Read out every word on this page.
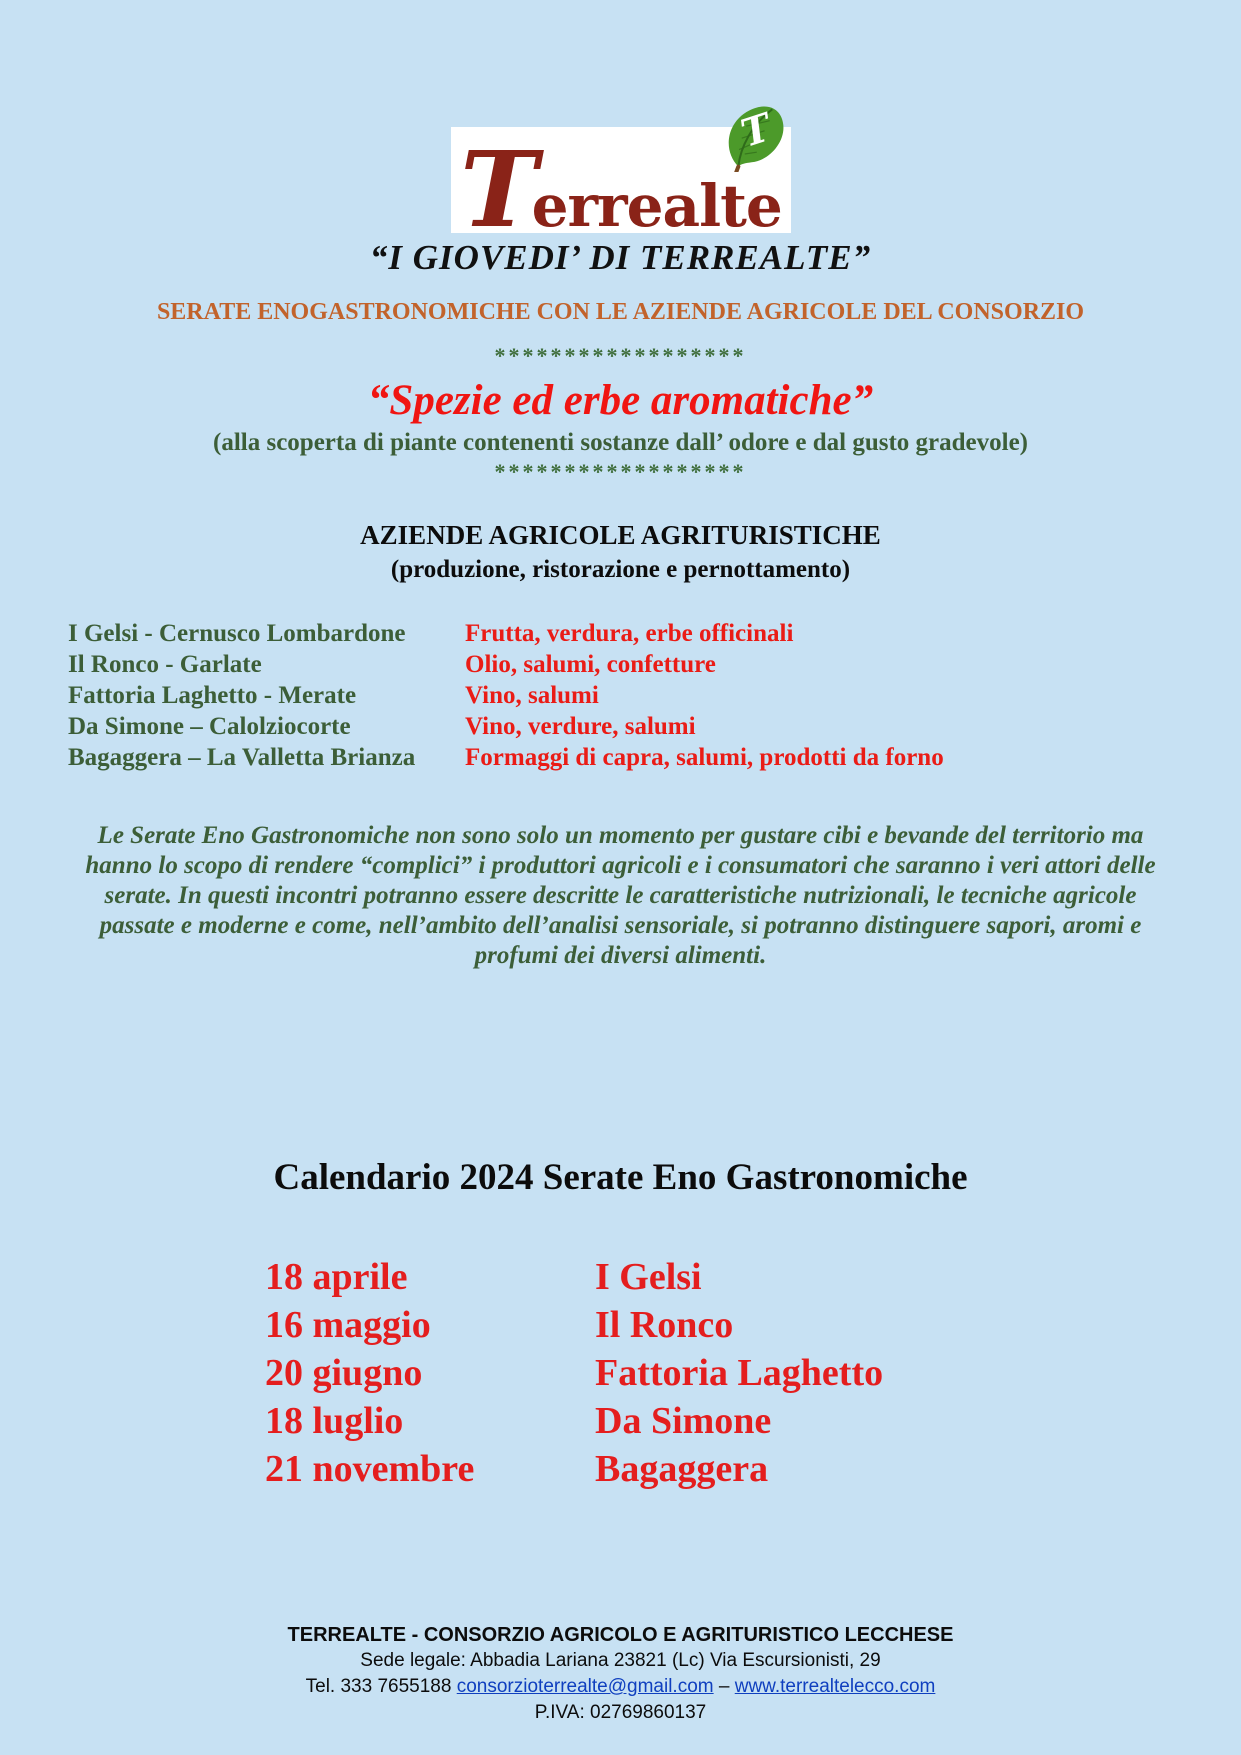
Terrealte
T
“I GIOVEDI’ DI TERREALTE”
SERATE ENOGASTRONOMICHE CON LE AZIENDE AGRICOLE DEL CONSORZIO
******************
“Spezie ed erbe aromatiche”
(alla scoperta di piante contenenti sostanze dall’ odore e dal gusto gradevole)
******************
AZIENDE AGRICOLE AGRITURISTICHE
(produzione, ristorazione e pernottamento)
I Gelsi - Cernusco Lombardone	Frutta, verdura, erbe officinali
Il Ronco - Garlate	Olio, salumi, confetture
Fattoria Laghetto - Merate	Vino, salumi
Da Simone – Calolziocorte	Vino, verdure, salumi
Bagaggera – La Valletta Brianza	Formaggi di capra, salumi, prodotti da forno
Le Serate Eno Gastronomiche non sono solo un momento per gustare cibi e bevande del territorio ma hanno lo scopo di rendere “complici” i produttori agricoli e i consumatori che saranno i veri attori delle serate. In questi incontri potranno essere descritte le caratteristiche nutrizionali, le tecniche agricole passate e moderne e come, nell’ambito dell’analisi sensoriale, si potranno distinguere sapori, aromi e profumi dei diversi alimenti.
Calendario 2024 Serate Eno Gastronomiche
18 aprile	I Gelsi
16 maggio	Il Ronco
20 giugno	Fattoria Laghetto
18 luglio	Da Simone
21 novembre	Bagaggera
TERREALTE - CONSORZIO AGRICOLO E AGRITURISTICO LECCHESE
Sede legale: Abbadia Lariana 23821 (Lc) Via Escursionisti, 29
Tel. 333 7655188 consorzioterrealte@gmail.com – www.terrealtelecco.com
P.IVA: 02769860137
